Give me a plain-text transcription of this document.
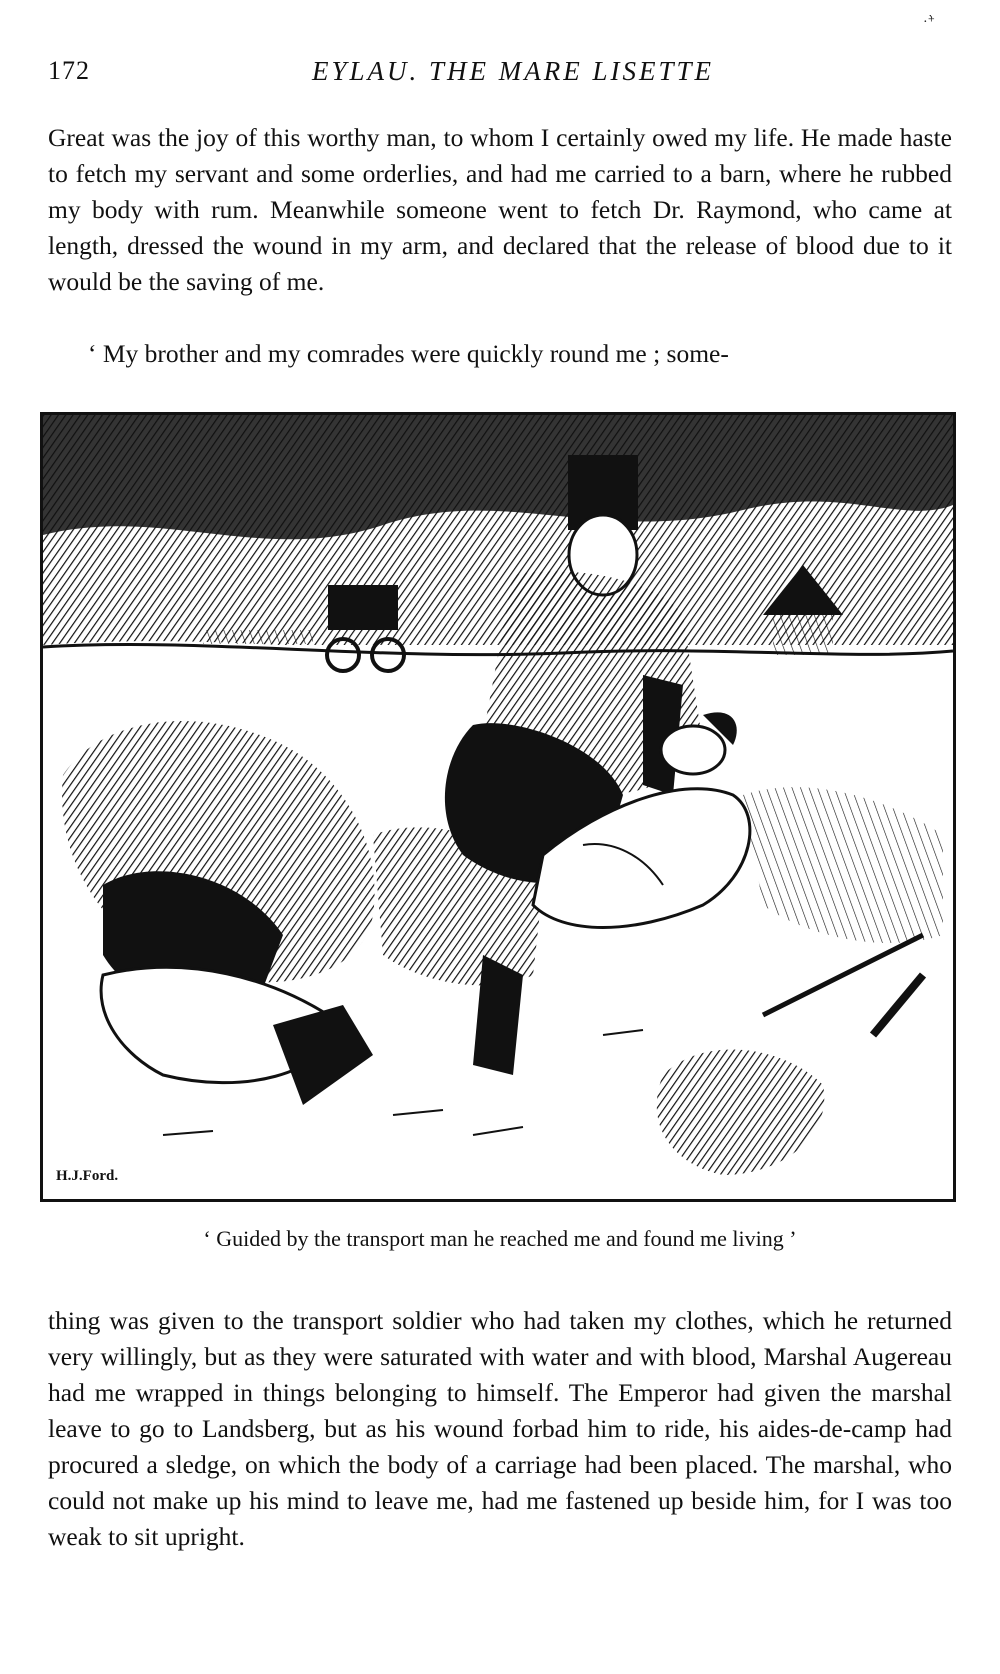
172	EYLAU. THE MARE LISETTE
·⁺̀

Great was the joy of this worthy man, to whom I certainly owed my life. He made haste to fetch my servant and some orderlies, and had me carried to a barn, where he rubbed my body with rum. Meanwhile someone went to fetch Dr. Raymond, who came at length, dressed the wound in my arm, and declared that the release of blood due to it would be the saving of me.

‘ My brother and my comrades were quickly round me ; some-

H.J.Ford.

‘ Guided by the transport man he reached me and found me living ’

thing was given to the transport soldier who had taken my clothes, which he returned very willingly, but as they were saturated with water and with blood, Marshal Augereau had me wrapped in things belonging to himself. The Emperor had given the marshal leave to go to Landsberg, but as his wound forbad him to ride, his aides-de-camp had procured a sledge, on which the body of a carriage had been placed. The marshal, who could not make up his mind to leave me, had me fastened up beside him, for I was too weak to sit upright.
